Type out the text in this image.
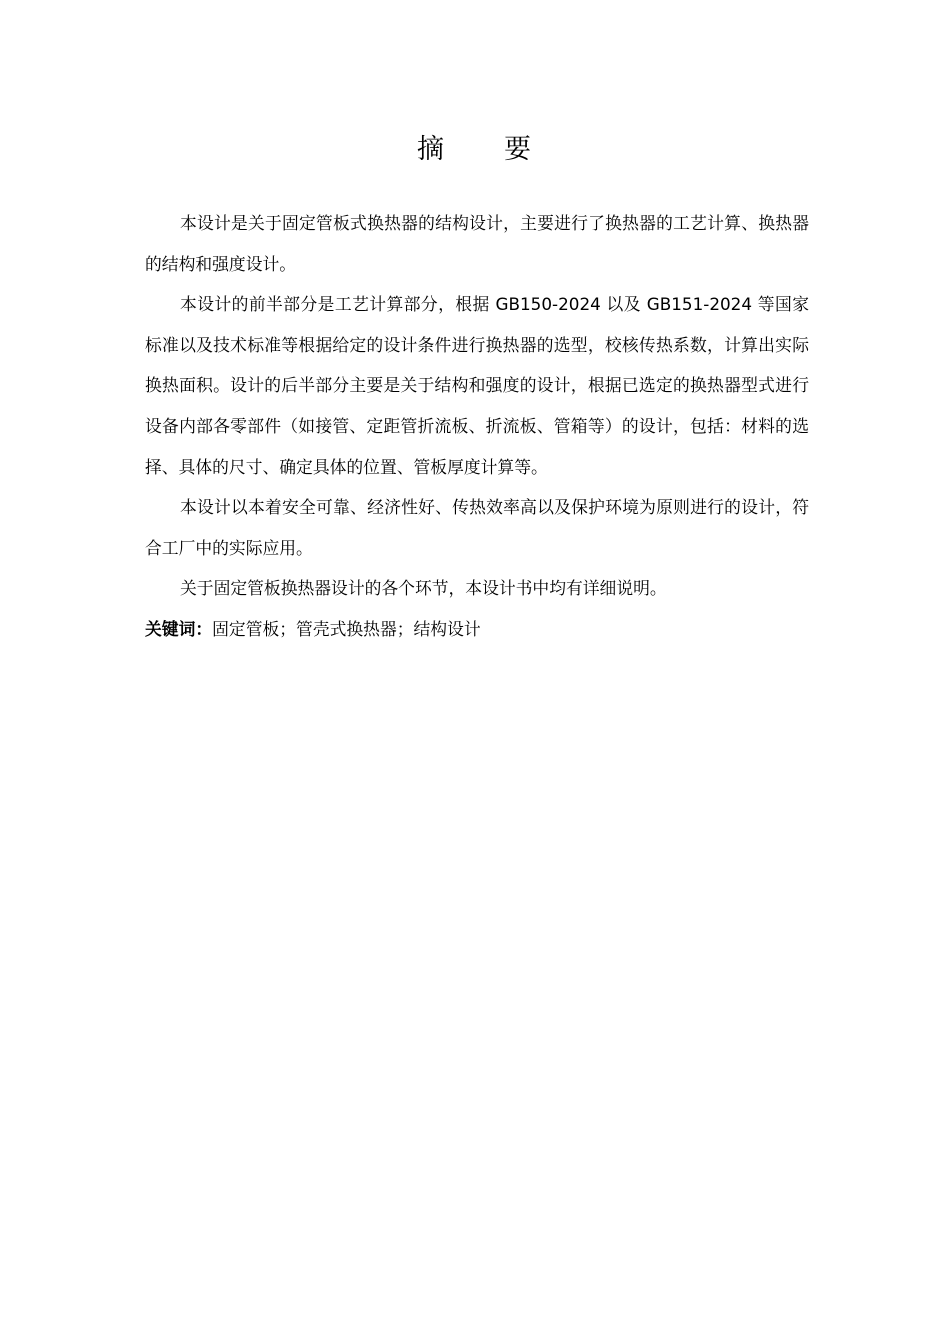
摘 要

本设计是关于固定管板式换热器的结构设计，主要进行了换热器的工艺计算、换热器的结构和强度设计。

本设计的前半部分是工艺计算部分，根据 GB150-2024 以及 GB151-2024 等国家标准以及技术标准等根据给定的设计条件进行换热器的选型，校核传热系数，计算出实际换热面积。设计的后半部分主要是关于结构和强度的设计，根据已选定的换热器型式进行设备内部各零部件（如接管、定距管折流板、折流板、管箱等）的设计，包括：材料的选择、具体的尺寸、确定具体的位置、管板厚度计算等。

本设计以本着安全可靠、经济性好、传热效率高以及保护环境为原则进行的设计，符合工厂中的实际应用。

关于固定管板换热器设计的各个环节，本设计书中均有详细说明。

关键词：固定管板；管壳式换热器；结构设计
